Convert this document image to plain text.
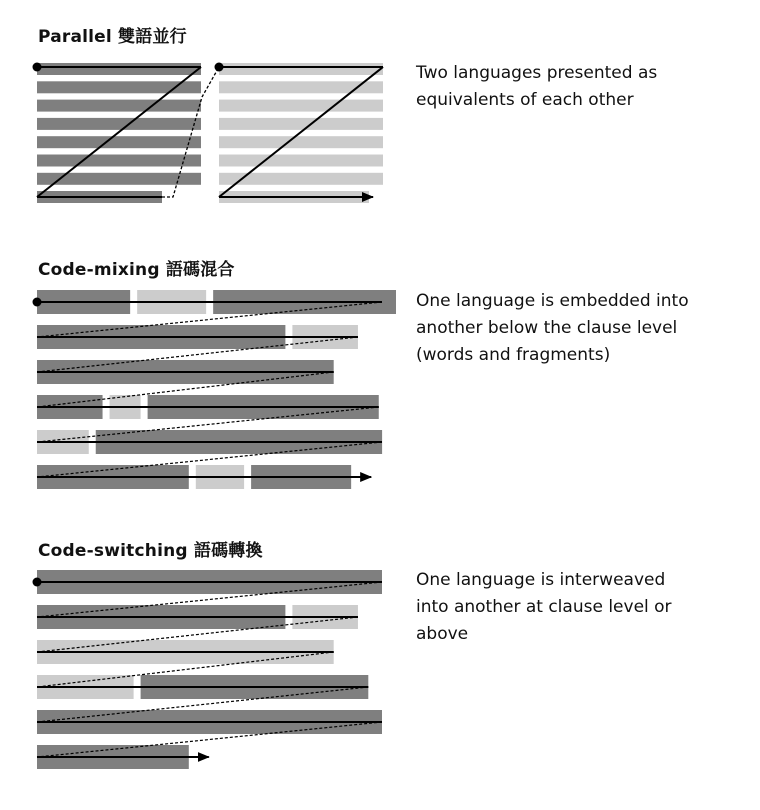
Parallel 雙語並行
Code-mixing 語碼混合
Code-switching 語碼轉換
Two languages presented as
equivalents of each other
One language is embedded into
another below the clause level
(words and fragments)
One language is interweaved
into another at clause level or
above
